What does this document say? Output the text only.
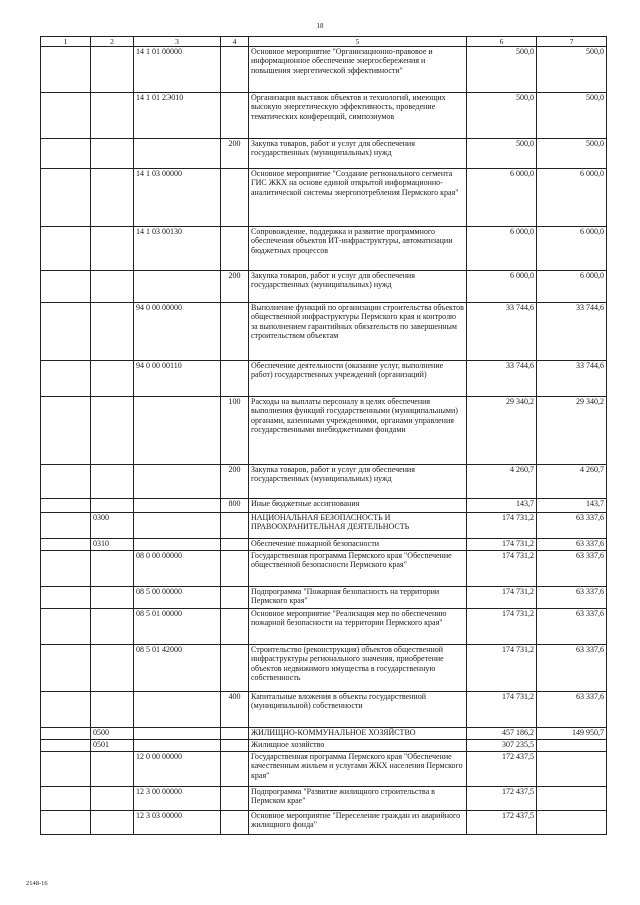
18
1	2	3	4	5	6	7
		14 1 01 00000		Основное мероприятие "Организационно-правовое и информационное обеспечение энергосбережения и повышения энергетической эффективности"	500,0	500,0
		14 1 01 2Э010		Организация выставок объектов и технологий, имеющих высокую энергетическую эффективность, проведение тематических конференций, симпозиумов	500,0	500,0
			200	Закупка товаров, работ и услуг для обеспечения государственных (муниципальных) нужд	500,0	500,0
		14 1 03 00000		Основное мероприятие "Создание регионального сегмента ГИС ЖКХ на основе единой открытой информационно-аналитической системы энергопотребления Пермского края"	6 000,0	6 000,0
		14 1 03 00130		Сопровождение, поддержка и развитие программного обеспечения объектов ИТ-инфраструктуры, автоматизации бюджетных процессов	6 000,0	6 000,0
			200	Закупка товаров, работ и услуг для обеспечения государственных (муниципальных) нужд	6 000,0	6 000,0
		94 0 00 00000		Выполнение функций по организации строительства объектов общественной инфраструктуры Пермского края и контролю за выполнением гарантийных обязательств по завершенным строительством объектам	33 744,6	33 744,6
		94 0 00 00110		Обеспечение деятельности (оказание услуг, выполнение работ) государственных учреждений (организаций)	33 744,6	33 744,6
			100	Расходы на выплаты персоналу в целях обеспечения выполнения функций государственными (муниципальными) органами, казенными учреждениями, органами управления государственными внебюджетными фондами	29 340,2	29 340,2
			200	Закупка товаров, работ и услуг для обеспечения государственных (муниципальных) нужд	4 260,7	4 260,7
			800	Иные бюджетные ассигнования	143,7	143,7
	0300			НАЦИОНАЛЬНАЯ БЕЗОПАСНОСТЬ И ПРАВООХРАНИТЕЛЬНАЯ ДЕЯТЕЛЬНОСТЬ	174 731,2	63 337,6
	0310			Обеспечение пожарной безопасности	174 731,2	63 337,6
		08 0 00 00000		Государственная программа Пермского края "Обеспечение общественной безопасности Пермского края"	174 731,2	63 337,6
		08 5 00 00000		Подпрограмма "Пожарная безопасность на территории Пермского края"	174 731,2	63 337,6
		08 5 01 00000		Основное мероприятие "Реализация мер по обеспечению пожарной безопасности на территории Пермского края"	174 731,2	63 337,6
		08 5 01 42000		Строительство (реконструкция) объектов общественной инфраструктуры регионального значения, приобретение объектов недвижимого имущества в государственную собственность	174 731,2	63 337,6
			400	Капитальные вложения в объекты государственной (муниципальной) собственности	174 731,2	63 337,6
	0500			ЖИЛИЩНО-КОММУНАЛЬНОЕ ХОЗЯЙСТВО	457 186,2	149 950,7
	0501			Жилищное хозяйство	307 235,5	
		12 0 00 00000		Государственная программа Пермского края "Обеспечение качественным жильем и услугами ЖКХ населения Пермского края"	172 437,5	
		12 3 00 00000		Подпрограмма "Развитие жилищного строительства в Пермском крае"	172 437,5	
		12 3 03 00000		Основное мероприятие "Переселение граждан из аварийного жилищного фонда"	172 437,5	
2148-16
